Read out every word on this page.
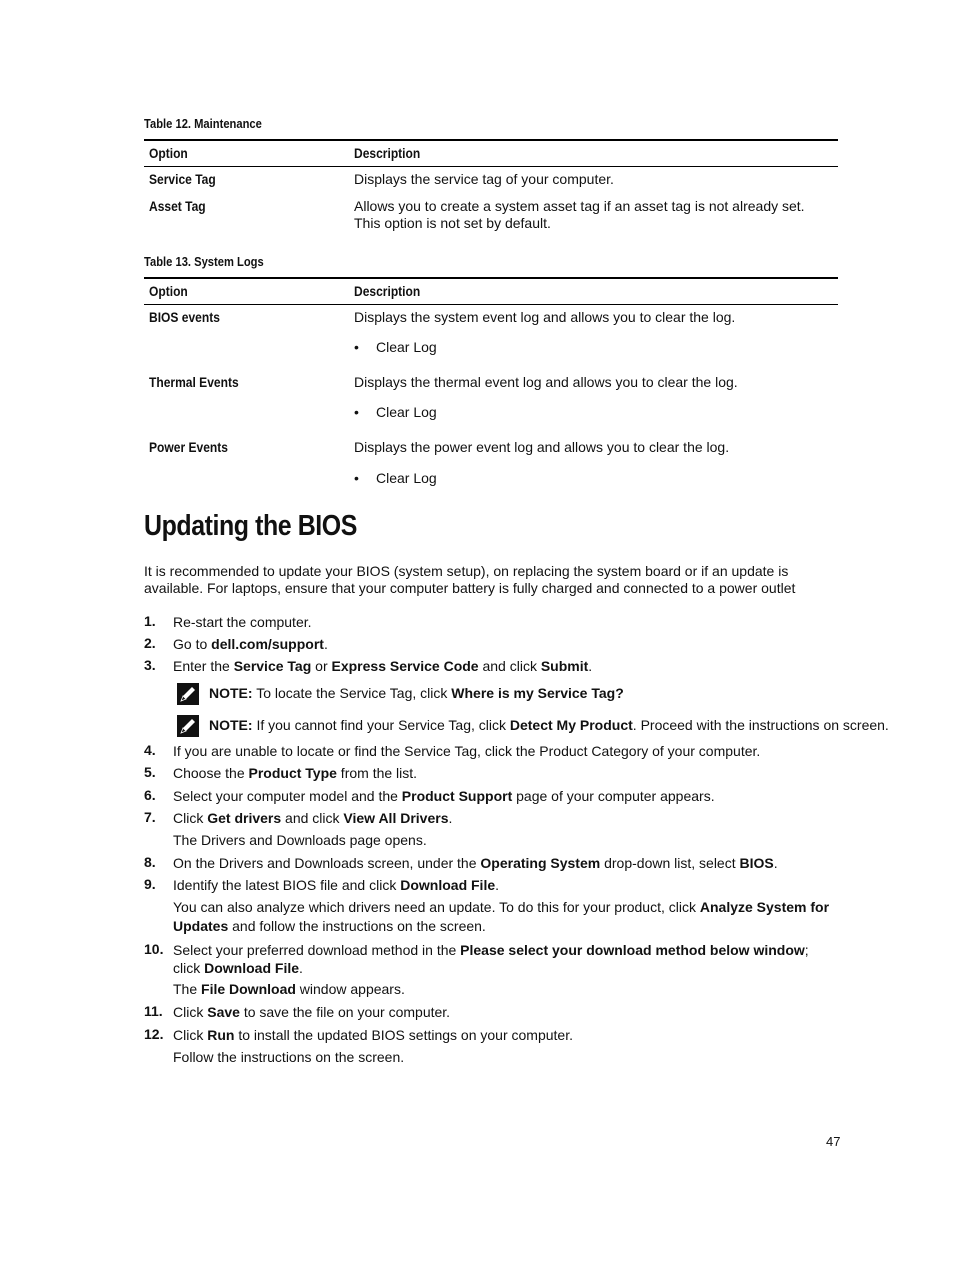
Table 12. Maintenance
Option	Description
Service Tag	Displays the service tag of your computer.
Asset Tag	Allows you to create a system asset tag if an asset tag is not already set. This option is not set by default.
Table 13. System Logs
Option	Description
BIOS events	Displays the system event log and allows you to clear the log.
• Clear Log
Thermal Events	Displays the thermal event log and allows you to clear the log.
• Clear Log
Power Events	Displays the power event log and allows you to clear the log.
• Clear Log
Updating the BIOS
It is recommended to update your BIOS (system setup), on replacing the system board or if an update is available. For laptops, ensure that your computer battery is fully charged and connected to a power outlet
1. Re-start the computer.
2. Go to dell.com/support.
3. Enter the Service Tag or Express Service Code and click Submit.
NOTE: To locate the Service Tag, click Where is my Service Tag?
NOTE: If you cannot find your Service Tag, click Detect My Product. Proceed with the instructions on screen.
4. If you are unable to locate or find the Service Tag, click the Product Category of your computer.
5. Choose the Product Type from the list.
6. Select your computer model and the Product Support page of your computer appears.
7. Click Get drivers and click View All Drivers.
The Drivers and Downloads page opens.
8. On the Drivers and Downloads screen, under the Operating System drop-down list, select BIOS.
9. Identify the latest BIOS file and click Download File.
You can also analyze which drivers need an update. To do this for your product, click Analyze System for Updates and follow the instructions on the screen.
10. Select your preferred download method in the Please select your download method below window; click Download File.
The File Download window appears.
11. Click Save to save the file on your computer.
12. Click Run to install the updated BIOS settings on your computer.
Follow the instructions on the screen.
47
